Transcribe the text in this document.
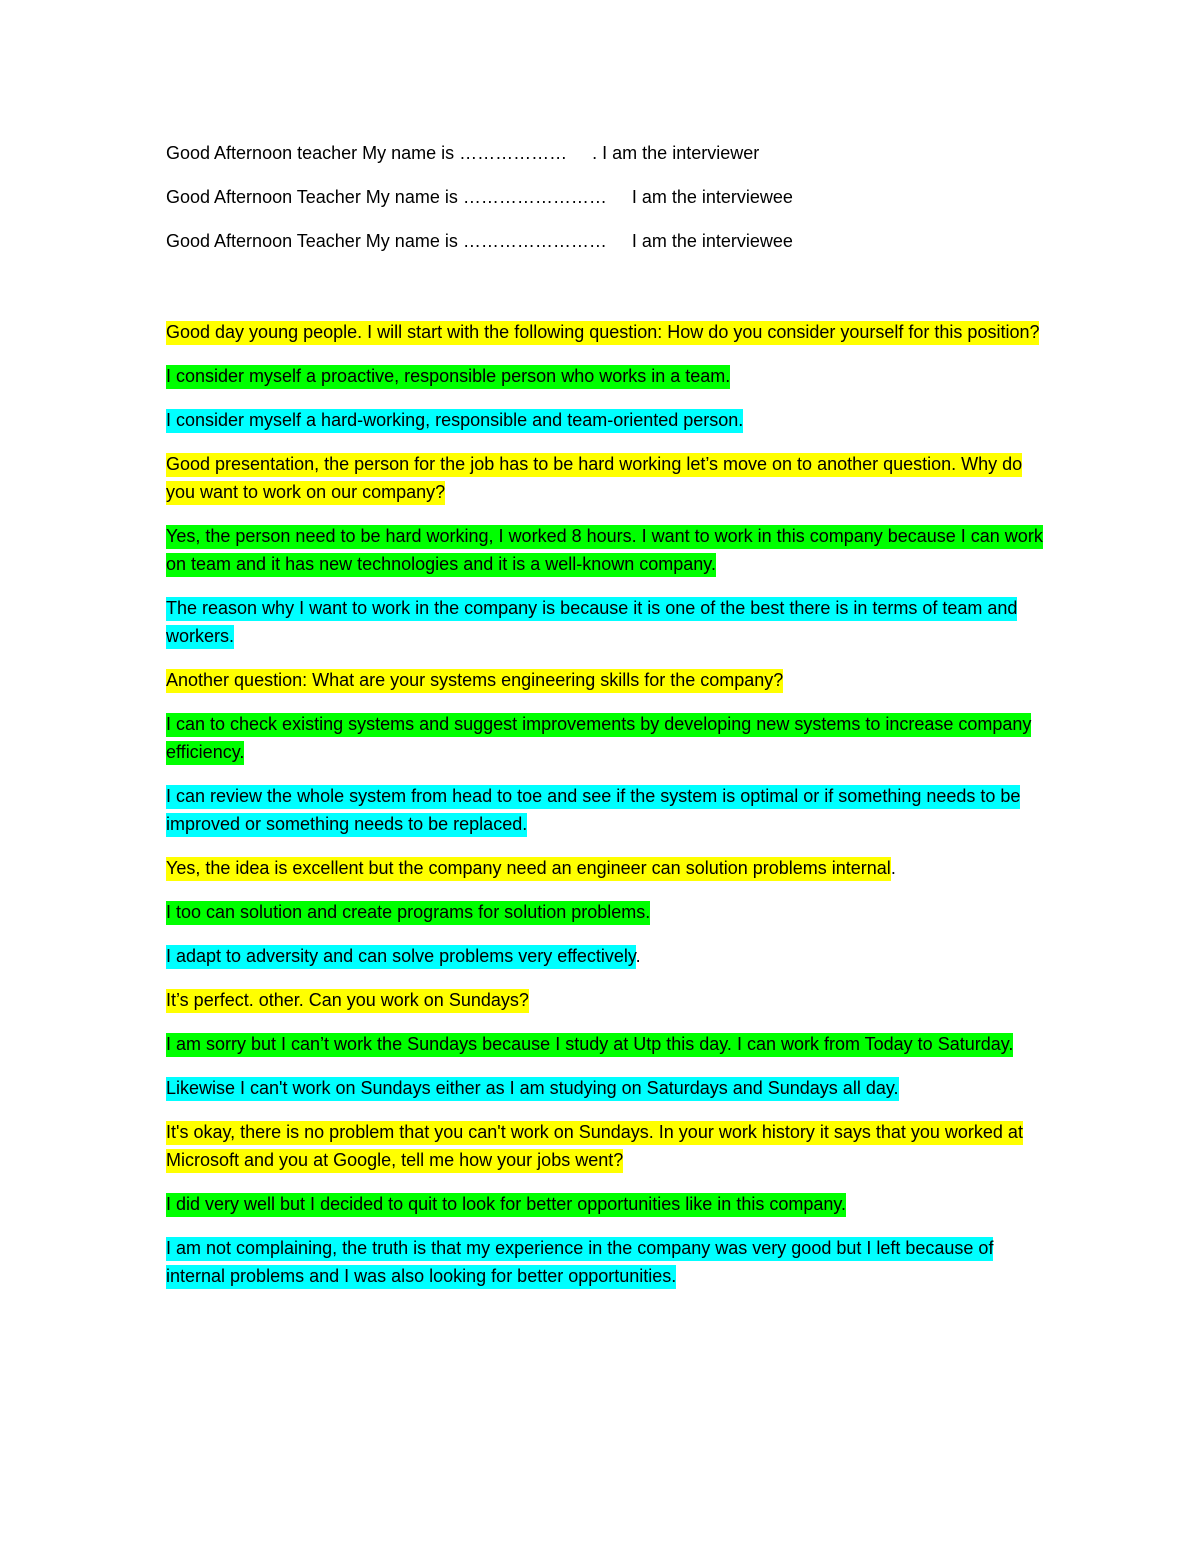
Good Afternoon teacher My name is ………………     . I am the interviewer
Good Afternoon Teacher My name is ……………………     I am the interviewee
Good Afternoon Teacher My name is ……………………     I am the interviewee

Good day young people. I will start with the following question: How do you consider yourself for this position?

I consider myself a proactive, responsible person who works in a team.

I consider myself a hard-working, responsible and team-oriented person.

Good presentation, the person for the job has to be hard working let’s move on to another question. Why do you want to work on our company?

Yes, the person need to be hard working, I worked 8 hours. I want to work in this company because I can work on team and it has new technologies and it is a well-known company.

The reason why I want to work in the company is because it is one of the best there is in terms of team and workers.

Another question: What are your systems engineering skills for the company?

I can to check existing systems and suggest improvements by developing new systems to increase company efficiency.

I can review the whole system from head to toe and see if the system is optimal or if something needs to be improved or something needs to be replaced.

Yes, the idea is excellent but the company need an engineer can solution problems internal.

I too can solution and create programs for solution problems.

I adapt to adversity and can solve problems very effectively.

It’s perfect. other. Can you work on Sundays?

I am sorry but I can’t work the Sundays because I study at Utp this day. I can work from Today to Saturday.

Likewise I can't work on Sundays either as I am studying on Saturdays and Sundays all day.

It's okay, there is no problem that you can't work on Sundays. In your work history it says that you worked at Microsoft and you at Google, tell me how your jobs went?

I did very well but I decided to quit to look for better opportunities like in this company.

I am not complaining, the truth is that my experience in the company was very good but I left because of internal problems and I was also looking for better opportunities.
